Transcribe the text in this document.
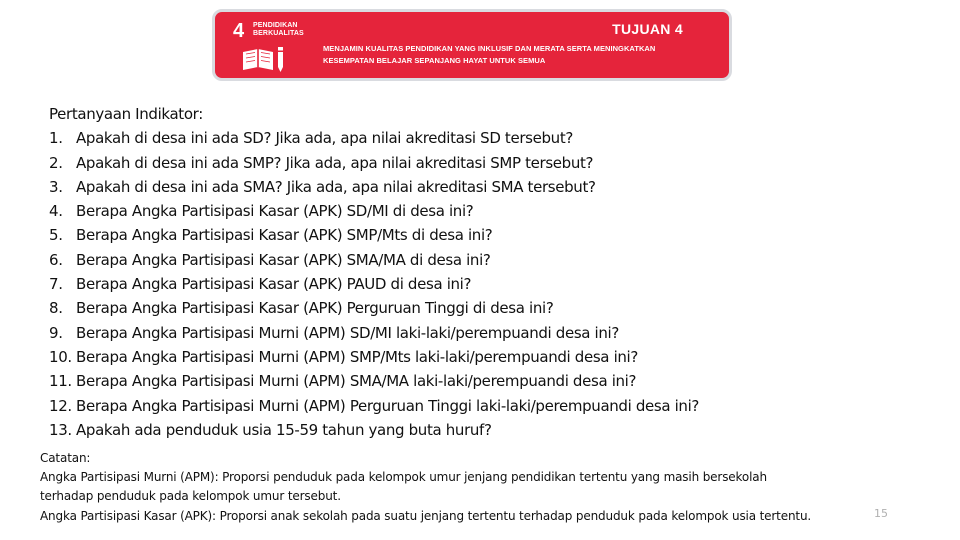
4 PENDIDIKAN
BERKUALITAS	TUJUAN 4
MENJAMIN KUALITAS PENDIDIKAN YANG INKLUSIF DAN MERATA SERTA MENINGKATKAN
KESEMPATAN BELAJAR SEPANJANG HAYAT UNTUK SEMUA
Pertanyaan Indikator:
1. Apakah di desa ini ada SD? Jika ada, apa nilai akreditasi SD tersebut?
2. Apakah di desa ini ada SMP? Jika ada, apa nilai akreditasi SMP tersebut?
3. Apakah di desa ini ada SMA? Jika ada, apa nilai akreditasi SMA tersebut?
4. Berapa Angka Partisipasi Kasar (APK) SD/MI di desa ini?
5. Berapa Angka Partisipasi Kasar (APK) SMP/Mts di desa ini?
6. Berapa Angka Partisipasi Kasar (APK) SMA/MA di desa ini?
7. Berapa Angka Partisipasi Kasar (APK) PAUD di desa ini?
8. Berapa Angka Partisipasi Kasar (APK) Perguruan Tinggi di desa ini?
9. Berapa Angka Partisipasi Murni (APM) SD/MI laki-laki/perempuandi desa ini?
10. Berapa Angka Partisipasi Murni (APM) SMP/Mts laki-laki/perempuandi desa ini?
11. Berapa Angka Partisipasi Murni (APM) SMA/MA laki-laki/perempuandi desa ini?
12. Berapa Angka Partisipasi Murni (APM) Perguruan Tinggi laki-laki/perempuandi desa ini?
13. Apakah ada penduduk usia 15-59 tahun yang buta huruf?
Catatan:
Angka Partisipasi Murni (APM): Proporsi penduduk pada kelompok umur jenjang pendidikan tertentu yang masih bersekolah
terhadap penduduk pada kelompok umur tersebut.
Angka Partisipasi Kasar (APK): Proporsi anak sekolah pada suatu jenjang tertentu terhadap penduduk pada kelompok usia tertentu.	15
